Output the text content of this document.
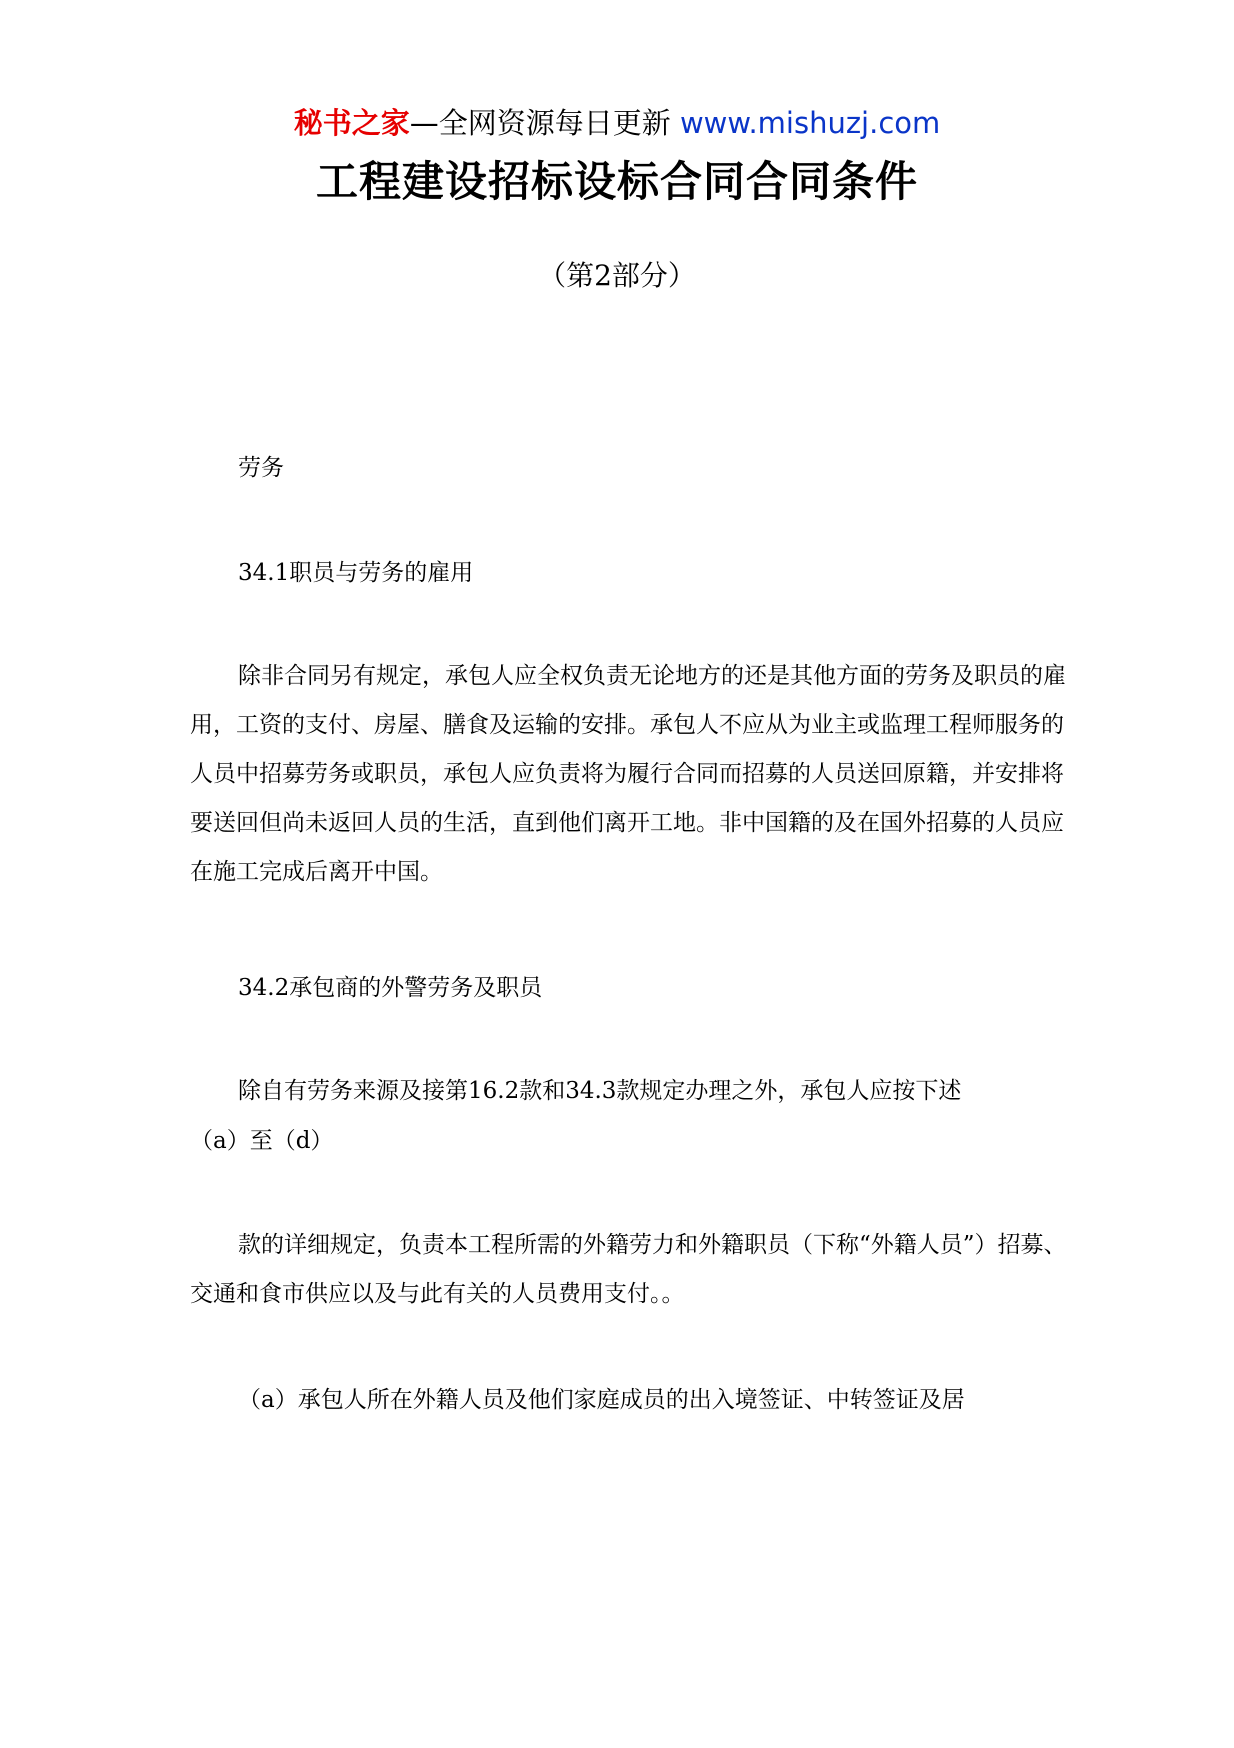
秘书之家—全网资源每日更新 www.mishuzj.com
工程建设招标设标合同合同条件
（第2部分）

劳务

34.1职员与劳务的雇用

除非合同另有规定，承包人应全权负责无论地方的还是其他方面的劳务及职员的雇用，工资的支付、房屋、膳食及运输的安排。承包人不应从为业主或监理工程师服务的人员中招募劳务或职员，承包人应负责将为履行合同而招募的人员送回原籍，并安排将要送回但尚未返回人员的生活，直到他们离开工地。非中国籍的及在国外招募的人员应在施工完成后离开中国。

34.2承包商的外警劳务及职员

除自有劳务来源及接第16.2款和34.3款规定办理之外，承包人应按下述

（a）至（d）

款的详细规定，负责本工程所需的外籍劳力和外籍职员（下称“外籍人员”）招募、交通和食市供应以及与此有关的人员费用支付。。

（a）承包人所在外籍人员及他们家庭成员的出入境签证、中转签证及居
